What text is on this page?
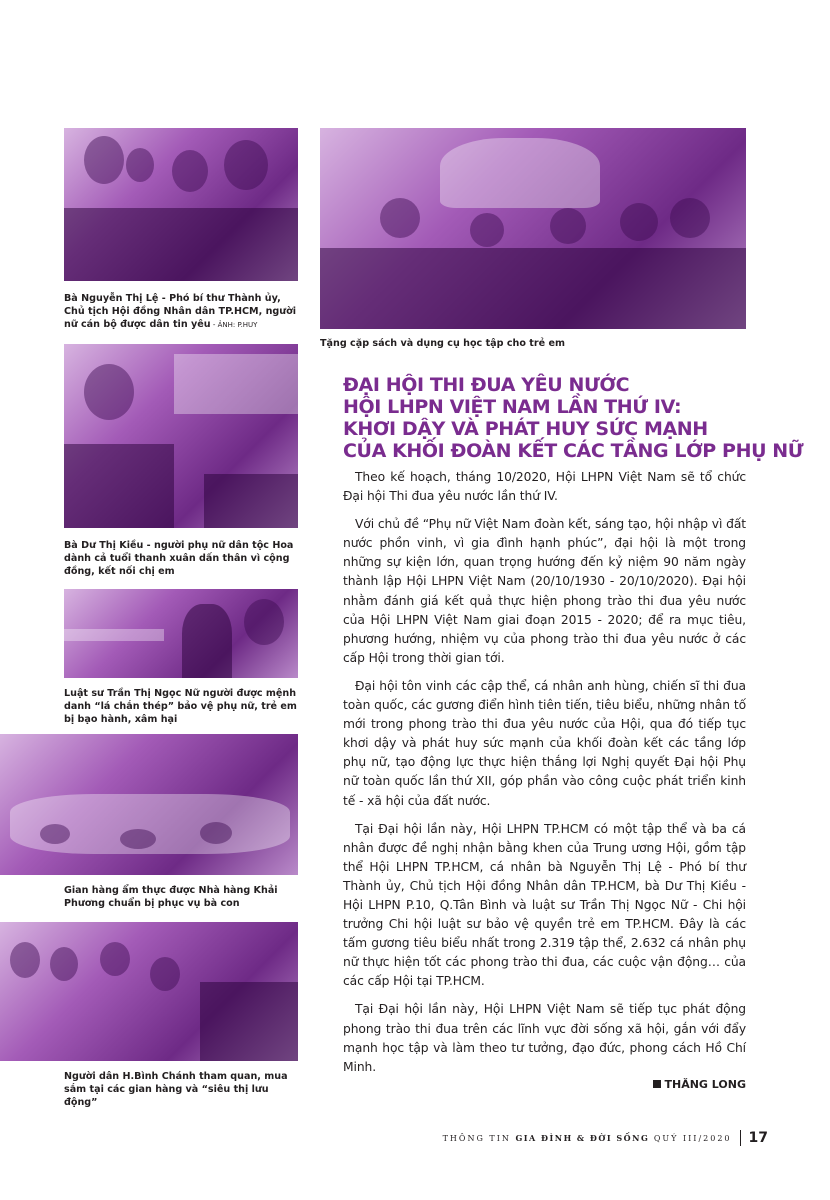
Tặng cặp sách và dụng cụ học tập cho trẻ em
Bà Nguyễn Thị Lệ - Phó bí thư Thành ủy, Chủ tịch Hội đồng Nhân dân TP.HCM, người nữ cán bộ được dân tin yêu - ẢNH: P.HUY
Bà Dư Thị Kiều - người phụ nữ dân tộc Hoa dành cả tuổi thanh xuân dấn thân vì cộng đồng, kết nối chị em
Luật sư Trần Thị Ngọc Nữ người được mệnh danh “lá chắn thép” bảo vệ phụ nữ, trẻ em bị bạo hành, xâm hại
Gian hàng ẩm thực được Nhà hàng Khải Phương chuẩn bị phục vụ bà con
Người dân H.Bình Chánh tham quan, mua sắm tại các gian hàng và “siêu thị lưu động”
ĐẠI HỘI THI ĐUA YÊU NƯỚC
HỘI LHPN VIỆT NAM LẦN THỨ IV:
KHƠI DẬY VÀ PHÁT HUY SỨC MẠNH
CỦA KHỐI ĐOÀN KẾT CÁC TẦNG LỚP PHỤ NỮ

Theo kế hoạch, tháng 10/2020, Hội LHPN Việt Nam sẽ tổ chức Đại hội Thi đua yêu nước lần thứ IV.

Với chủ đề “Phụ nữ Việt Nam đoàn kết, sáng tạo, hội nhập vì đất nước phồn vinh, vì gia đình hạnh phúc”, đại hội là một trong những sự kiện lớn, quan trọng hướng đến kỷ niệm 90 năm ngày thành lập Hội LHPN Việt Nam (20/10/1930 - 20/10/2020). Đại hội nhằm đánh giá kết quả thực hiện phong trào thi đua yêu nước của Hội LHPN Việt Nam giai đoạn 2015 - 2020; để ra mục tiêu, phương hướng, nhiệm vụ của phong trào thi đua yêu nước ở các cấp Hội trong thời gian tới.

Đại hội tôn vinh các cập thể, cá nhân anh hùng, chiến sĩ thi đua toàn quốc, các gương điển hình tiên tiến, tiêu biểu, những nhân tố mới trong phong trào thi đua yêu nước của Hội, qua đó tiếp tục khơi dậy và phát huy sức mạnh của khối đoàn kết các tầng lớp phụ nữ, tạo động lực thực hiện thắng lợi Nghị quyết Đại hội Phụ nữ toàn quốc lần thứ XII, góp phần vào công cuộc phát triển kinh tế - xã hội của đất nước.

Tại Đại hội lần này, Hội LHPN TP.HCM có một tập thể và ba cá nhân được đề nghị nhận bằng khen của Trung ương Hội, gồm tập thể Hội LHPN TP.HCM, cá nhân bà Nguyễn Thị Lệ - Phó bí thư Thành ủy, Chủ tịch Hội đồng Nhân dân TP.HCM, bà Dư Thị Kiều - Hội LHPN P.10, Q.Tân Bình và luật sư Trần Thị Ngọc Nữ - Chi hội trưởng Chi hội luật sư bảo vệ quyền trẻ em TP.HCM. Đây là các tấm gương tiêu biểu nhất trong 2.319 tập thể, 2.632 cá nhân phụ nữ thực hiện tốt các phong trào thi đua, các cuộc vận động… của các cấp Hội tại TP.HCM.

Tại Đại hội lần này, Hội LHPN Việt Nam sẽ tiếp tục phát động phong trào thi đua trên các lĩnh vực đời sống xã hội, gắn với đẩy mạnh học tập và làm theo tư tưởng, đạo đức, phong cách Hồ Chí Minh.

THĂNG LONG
THÔNG TIN
GIA ĐÌNH & ĐỜI SỐNG
QUÝ III/2020 17
